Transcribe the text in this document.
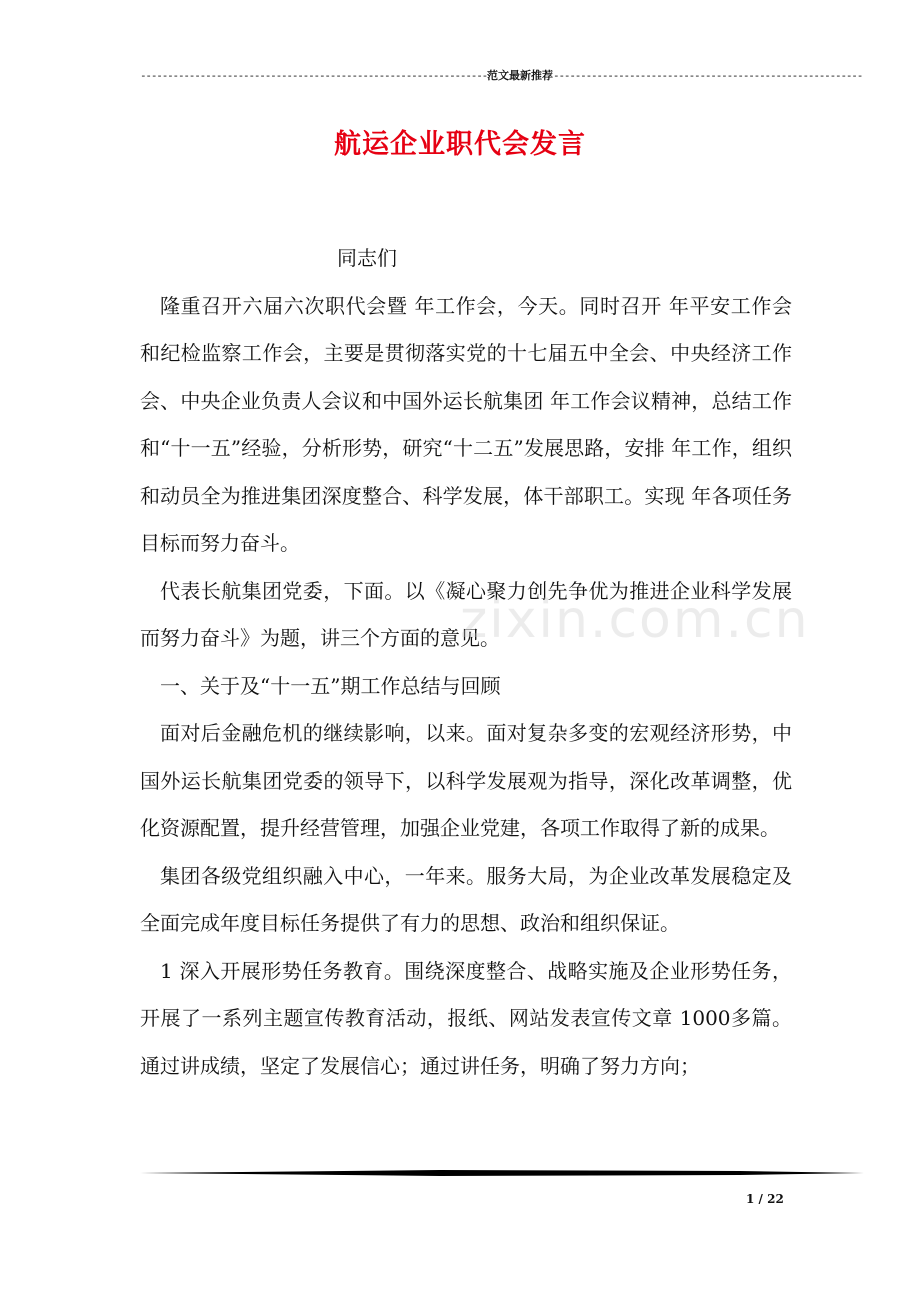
----------------------------------------------------------------范文最新推荐---------------------------------------------------------
航运企业职代会发言

同志们

隆重召开六届六次职代会暨 年工作会，今天。同时召开 年平安工作会和纪检监察工作会，主要是贯彻落实党的十七届五中全会、中央经济工作会、中央企业负责人会议和中国外运长航集团 年工作会议精神，总结工作和“十一五”经验，分析形势，研究“十二五”发展思路，安排 年工作，组织和动员全为推进集团深度整合、科学发展，体干部职工。实现 年各项任务目标而努力奋斗。

代表长航集团党委，下面。以《凝心聚力创先争优为推进企业科学发展而努力奋斗》为题，讲三个方面的意见。

一、关于及“十一五”期工作总结与回顾

面对后金融危机的继续影响，以来。面对复杂多变的宏观经济形势，中国外运长航集团党委的领导下，以科学发展观为指导，深化改革调整，优化资源配置，提升经营管理，加强企业党建，各项工作取得了新的成果。

集团各级党组织融入中心，一年来。服务大局，为企业改革发展稳定及全面完成年度目标任务提供了有力的思想、政治和组织保证。

1 深入开展形势任务教育。围绕深度整合、战略实施及企业形势任务，开展了一系列主题宣传教育活动，报纸、网站发表宣传文章 1000多篇。通过讲成绩，坚定了发展信心；通过讲任务，明确了努力方向；

zixin.com.cn
1 / 22
